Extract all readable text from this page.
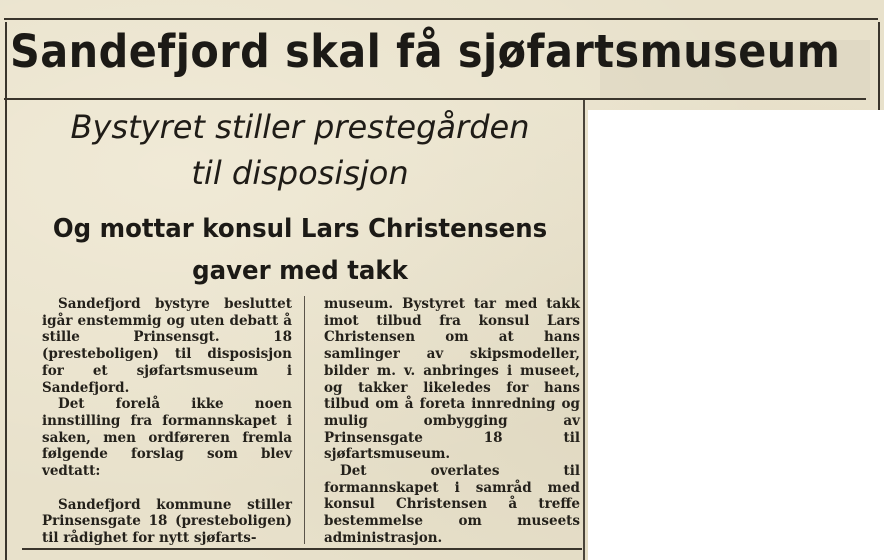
Sandefjord skal få sjøfartsmuseum
Bystyret stiller prestegården
til disposisjon
Og mottar konsul Lars Christensens
gaver med takk

Sandefjord bystyre besluttet igår enstemmig og uten debatt å stille Prinsensgt. 18 (presteboligen) til disposisjon for et sjøfartsmuseum i Sandefjord.

Det forelå ikke noen innstilling fra formannskapet i saken, men ordføreren fremla følgende forslag som blev vedtatt:

Sandefjord kommune stiller Prinsensgate 18 (presteboligen) til rådighet for nytt sjøfarts-

museum. Bystyret tar med takk imot tilbud fra konsul Lars Christensen om at hans samlinger av skipsmodeller, bilder m. v. anbringes i museet, og takker likeledes for hans tilbud om å foreta innredning og mulig ombygging av Prinsensgate 18 til sjøfartsmuseum.

Det overlates til formannskapet i samråd med konsul Christensen å treffe bestemmelse om museets administrasjon.
